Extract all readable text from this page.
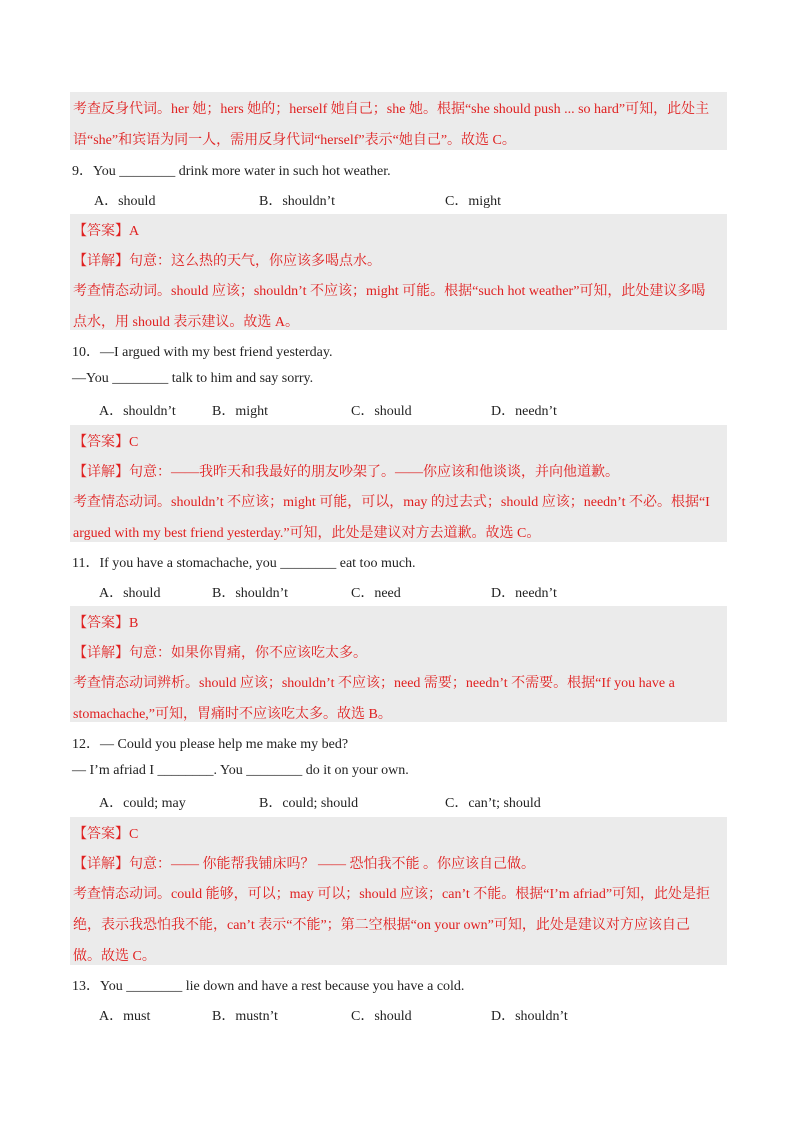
考查反身代词。her 她；hers 她的；herself 她自己；she 她。根据“she should push ... so hard”可知，此处主
语“she”和宾语为同一人，需用反身代词“herself”表示“她自己”。故选 C。
9．You ________ drink more water in such hot weather.
A．should	B．shouldn’t	C．might
【答案】A
【详解】句意：这么热的天气，你应该多喝点水。
考查情态动词。should 应该；shouldn’t 不应该；might 可能。根据“such hot weather”可知，此处建议多喝
点水，用 should 表示建议。故选 A。
10．—I argued with my best friend yesterday.
—You ________ talk to him and say sorry.
A．shouldn’t	B．might	C．should	D．needn’t
【答案】C
【详解】句意：——我昨天和我最好的朋友吵架了。——你应该和他谈谈，并向他道歉。
考查情态动词。shouldn’t 不应该；might 可能，可以，may 的过去式；should 应该；needn’t 不必。根据“I
argued with my best friend yesterday.”可知，此处是建议对方去道歉。故选 C。
11．If you have a stomachache, you ________ eat too much.
A．should	B．shouldn’t	C．need	D．needn’t
【答案】B
【详解】句意：如果你胃痛，你不应该吃太多。
考查情态动词辨析。should 应该；shouldn’t 不应该；need 需要；needn’t 不需要。根据“If you have a
stomachache,”可知，胃痛时不应该吃太多。故选 B。
12．— Could you please help me make my bed?
— I’m afriad I ________. You ________ do it on your own.
A．could; may	B．could; should	C．can’t; should
【答案】C
【详解】句意：—— 你能帮我铺床吗？ —— 恐怕我不能 。你应该自己做。
考查情态动词。could 能够，可以；may 可以；should 应该；can’t 不能。根据“I’m afriad”可知，此处是拒
绝，表示我恐怕我不能，can’t 表示“不能”；第二空根据“on your own”可知，此处是建议对方应该自己
做。故选 C。
13．You ________ lie down and have a rest because you have a cold.
A．must	B．mustn’t	C．should	D．shouldn’t
